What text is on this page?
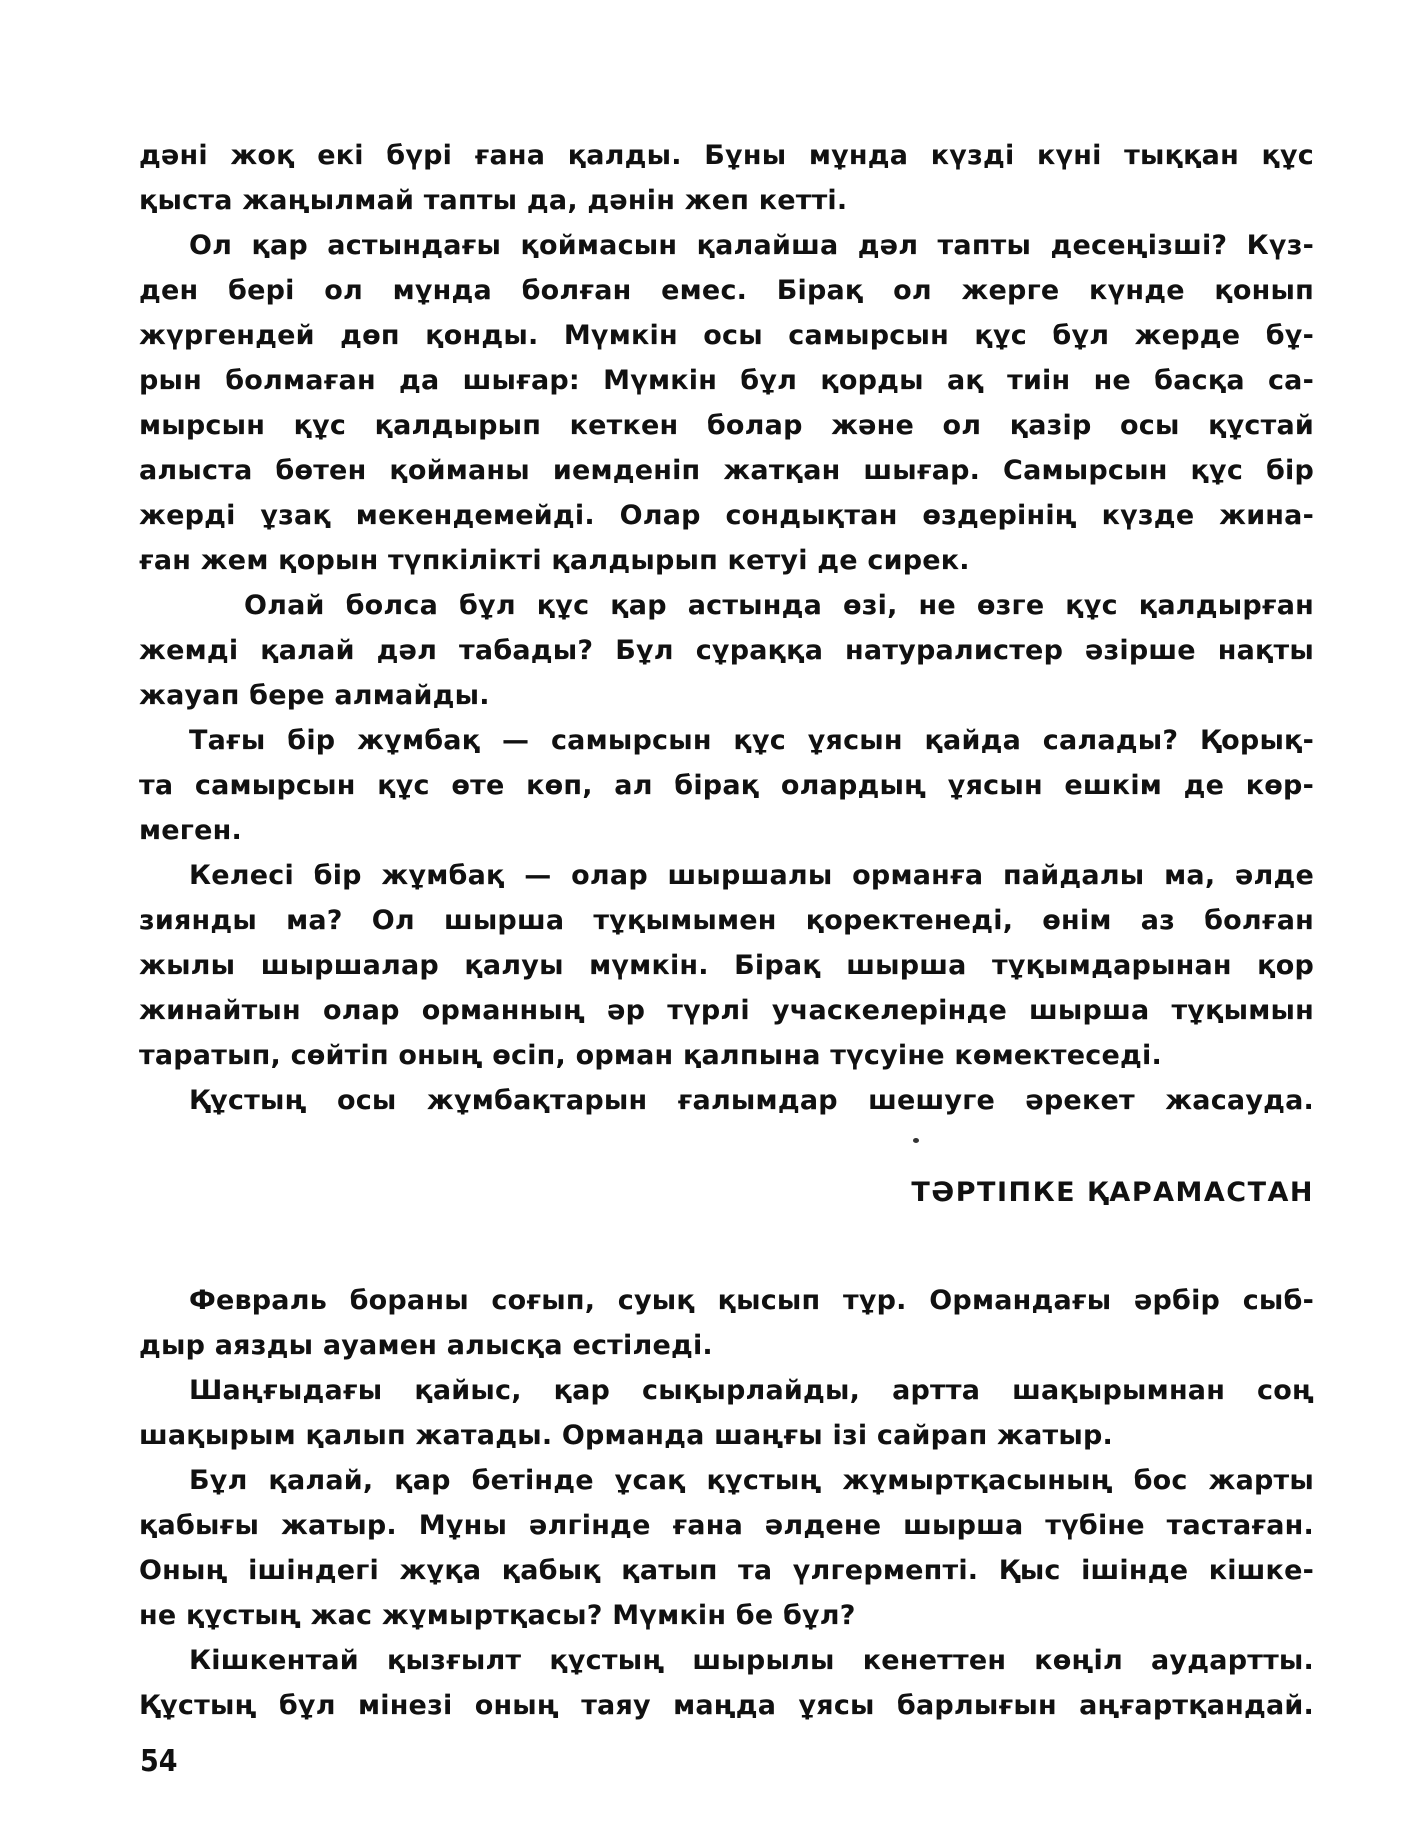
дәні жоқ екі бүрі ғана қалды. Бұны мұнда күзді күні тыққан құс
қыста жаңылмай тапты да, дәнін жеп кетті.
Ол қар астындағы қоймасын қалайша дәл тапты десеңізші? Күз-
ден бері ол мұнда болған емес. Бірақ ол жерге күнде қонып
жүргендей дөп қонды. Мүмкін осы самырсын құс бұл жерде бұ-
рын болмаған да шығар: Мүмкін бұл қорды ақ тиін не басқа са-
мырсын құс қалдырып кеткен болар және ол қазір осы құстай
алыста бөтен қойманы иемденіп жатқан шығар. Самырсын құс бір
жерді ұзақ мекендемейді. Олар сондықтан өздерінің күзде жина-
ған жем қорын түпкілікті қалдырып кетуі де сирек.
Олай болса бұл құс қар астында өзі, не өзге құс қалдырған
жемді қалай дәл табады? Бұл сұраққа натуралистер әзірше нақты
жауап бере алмайды.
Тағы бір жұмбақ — самырсын құс ұясын қайда салады? Қорық-
та самырсын құс өте көп, ал бірақ олардың ұясын ешкім де көр-
меген.
Келесі бір жұмбақ — олар шыршалы орманға пайдалы ма, әлде
зиянды ма? Ол шырша тұқымымен қоректенеді, өнім аз болған
жылы шыршалар қалуы мүмкін. Бірақ шырша тұқымдарынан қор
жинайтын олар орманның әр түрлі учаскелерінде шырша тұқымын
таратып, сөйтіп оның өсіп, орман қалпына түсуіне көмектеседі.
Құстың осы жұмбақтарын ғалымдар шешуге әрекет жасауда.
ТӘРТІПКЕ ҚАРАМАСТАН
Февраль бораны соғып, суық қысып тұр. Ормандағы әрбір сыб-
дыр аязды ауамен алысқа естіледі.
Шаңғыдағы қайыс, қар сықырлайды, артта шақырымнан соң
шақырым қалып жатады. Орманда шаңғы ізі сайрап жатыр.
Бұл қалай, қар бетінде ұсақ құстың жұмыртқасының бос жарты
қабығы жатыр. Мұны әлгінде ғана әлдене шырша түбіне тастаған.
Оның ішіндегі жұқа қабық қатып та үлгермепті. Қыс ішінде кішке-
не құстың жас жұмыртқасы? Мүмкін бе бұл?
Кішкентай қызғылт құстың шырылы кенеттен көңіл аудартты.
Құстың бұл мінезі оның таяу маңда ұясы барлығын аңғартқандай.
54
